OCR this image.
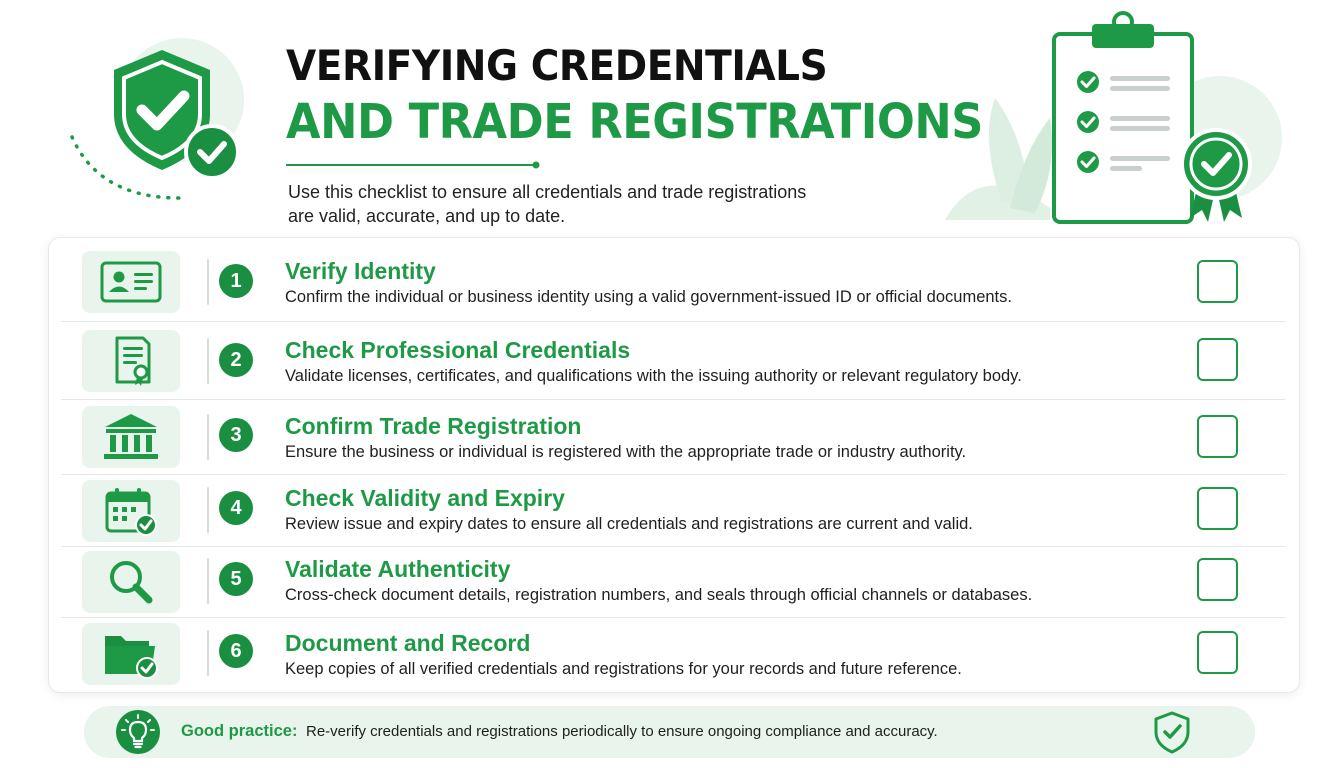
VERIFYING CREDENTIALS
AND TRADE REGISTRATIONS
Use this checklist to ensure all credentials and trade registrations
are valid, accurate, and up to date.
1	Verify Identity
Confirm the individual or business identity using a valid government-issued ID or official documents.
2	Check Professional Credentials
Validate licenses, certificates, and qualifications with the issuing authority or relevant regulatory body.
3	Confirm Trade Registration
Ensure the business or individual is registered with the appropriate trade or industry authority.
4	Check Validity and Expiry
Review issue and expiry dates to ensure all credentials and registrations are current and valid.
5	Validate Authenticity
Cross-check document details, registration numbers, and seals through official channels or databases.
6	Document and Record
Keep copies of all verified credentials and registrations for your records and future reference.
Good practice: Re-verify credentials and registrations periodically to ensure ongoing compliance and accuracy.
